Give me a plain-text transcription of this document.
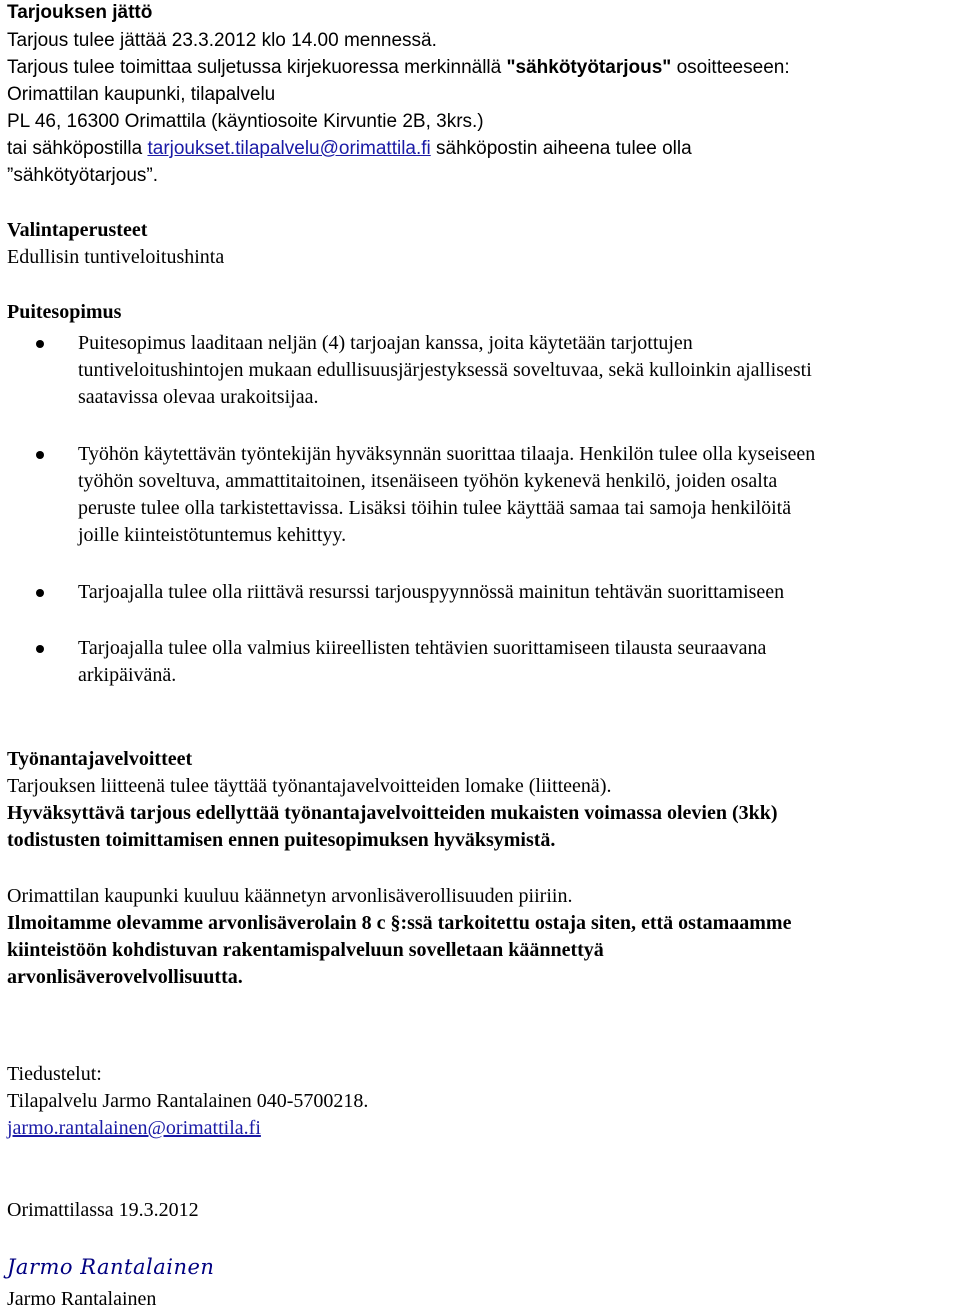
Tarjouksen jättö
Tarjous tulee jättää 23.3.2012 klo 14.00 mennessä.
Tarjous tulee toimittaa suljetussa kirjekuoressa merkinnällä "sähkötyötarjous" osoitteeseen:
Orimattilan kaupunki, tilapalvelu
PL 46, 16300 Orimattila (käyntiosoite Kirvuntie 2B, 3krs.)
tai sähköpostilla tarjoukset.tilapalvelu@orimattila.fi sähköpostin aiheena tulee olla
”sähkötyötarjous”.
Valintaperusteet
Edullisin tuntiveloitushinta
Puitesopimus
Puitesopimus laaditaan neljän (4) tarjoajan kanssa, joita käytetään tarjottujen
tuntiveloitushintojen mukaan edullisuusjärjestyksessä soveltuvaa, sekä kulloinkin ajallisesti
saatavissa olevaa urakoitsijaa.
Työhön käytettävän työntekijän hyväksynnän suorittaa tilaaja. Henkilön tulee olla kyseiseen
työhön soveltuva, ammattitaitoinen, itsenäiseen työhön kykenevä henkilö, joiden osalta
peruste tulee olla tarkistettavissa. Lisäksi töihin tulee käyttää samaa tai samoja henkilöitä
joille kiinteistötuntemus kehittyy.
Tarjoajalla tulee olla riittävä resurssi tarjouspyynnössä mainitun tehtävän suorittamiseen
Tarjoajalla tulee olla valmius kiireellisten tehtävien suorittamiseen tilausta seuraavana
arkipäivänä.
Työnantajavelvoitteet
Tarjouksen liitteenä tulee täyttää työnantajavelvoitteiden lomake (liitteenä).
Hyväksyttävä tarjous edellyttää työnantajavelvoitteiden mukaisten voimassa olevien (3kk)
todistusten toimittamisen ennen puitesopimuksen hyväksymistä.
Orimattilan kaupunki kuuluu käännetyn arvonlisäverollisuuden piiriin.
Ilmoitamme olevamme arvonlisäverolain 8 c §:ssä tarkoitettu ostaja siten, että ostamaamme
kiinteistöön kohdistuvan rakentamispalveluun sovelletaan käännettyä
arvonlisäverovelvollisuutta.
Tiedustelut:
Tilapalvelu Jarmo Rantalainen 040-5700218.
jarmo.rantalainen@orimattila.fi
Orimattilassa 19.3.2012
Jarmo Rantalainen
Jarmo Rantalainen
